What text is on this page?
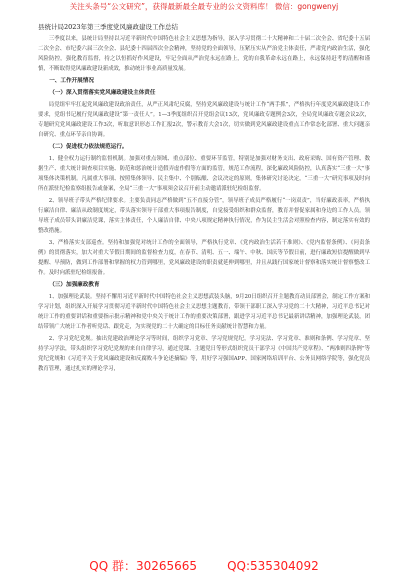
关注头条号“公文研究”，获得最新最全最专业的公文资料库！ 微信：gongwenyj
县统计局2023年第三季度党风廉政建设工作总结
三季度以来，县统计局坚持以习近平新时代中国特色社会主义思想为指导，深入学习贯彻二十大精神和二十届二次全会、省纪委十五届二次全会、市纪委六届三次全会、县纪委十四届四次全会精神，坚持党的全面领导，压紧压实从严治党主体责任，严肃党内政治生活，强化风险防控，强化教育监督，持之以恒抓好作风建设，牢记全面从严治党永远在路上，党的自我革命永远在路上，永远保持赶考的清醒和谨慎，不断取得党风廉政建设新成效，推动统计事业高质量发展。
一、工作开展情况
（一）深入贯彻落实党风廉政建设主体责任
局党组牢牢扛起党风廉政建设政治责任，从严正风肃纪反腐，坚持党风廉政建设与统计工作“两手抓”，严格执行年度党风廉政建设工作要求，党组书记履行党风廉政建设“第一责任人”。1—3季度组织召开党组会议13次，党风廉政专题例会3次，全局党风廉政专题会议2次，专题研究党风廉政建设工作3次，听取意识形态工作汇报2次，警示教育大会1次，切实做到党风廉政建设重点工作常态化部署、重大问题亲自研究、重点环节亲自协调。
（二）促进权力依法规范运行。
1、健全权力运行制约监督机制。加强对重点领域、重点部位、重要环节监管，特别是加强对财务支出、政府采购、国有资产管理、数据生产、重大统计调查项目实施、防范和惩治统计造假弄虚作假等方面的监管，规范工作流程，深化廉政风险防控，认真落实“三重一大”事项集体决策机制。凡属重大事项、按照集体领导、民主集中、个别酝酿、会议决定的原则，集体研究讨论决定，“三重一大”研究事项及时向所在派驻纪检监察组报告或备案，全局“三重一大”事项须会议召开前主动邀请派驻纪检组监督。
2、领导班子带头严格纪律要求。主要负责同志严格做到“五不直接分管”，领导班子成员严格履行“一岗双责”，当好廉政表率，严格执行廉洁自律、廉洁从政制度规定，带头落实领导干部重大事项报告制度，自觉接受组织和群众监督，教育并督促家属和身边的工作人员。领导班子成员带头讲廉洁党课，落实主体责任，个人廉洁自律、中央八项规定精神执行情况，作为民主生活会对照检查内容，制定落实有效的整改措施。
3、严格落实支部巡查。坚持和加强党对统计工作的全面领导，严格执行党章、《党内政治生活若干准则》、《党内监督条例》、《问责条例》的贯彻落实，加大对重大节假日期间的监督检查力度，在春节、清明、五一、端午、中秋、国庆等节假日前，进行廉政短信提醒做到早提醒、早预防，做到工作部署和掌握的权力管到哪里，党风廉政建设的职责就延伸到哪里，并且从践行国家统计督察和落实统计督察整改工作。及时向派驻纪检组报备。
（三）加强廉政教育
1、加强理论武装。坚持不懈用习近平新时代中国特色社会主义思想武装头脑，9月20日组织召开主题教育动员部署会，制定工作方案和学习计划，组织深入开展学习贯彻习近平新时代中国特色社会主义思想主题教育，带领干部职工深入学习党的二十大精神，习近平总书记对统计工作的重要讲话和重要指示批示精神和党中央关于统计工作的重要决策部署，跟进学习习近平总书记最新讲话精神，加强理论武装，团结带领广大统计工作者听党话、跟党走，为实现党的二十大确定的目标任务贡献统计智慧和力量。
2、学习党纪党规。抽出党建政治理论学习等时间，组织学习党章、学习党规党纪，学习宪法、学习党章、准则和条例、学习党章、坚持学习学法，带头组织学习党纪党规的来自自律学习，通过党课、主题党日等形式组织党员干部学习《中国共产党章程》、“两准则四条例”等党纪党规和《习近平关于党风廉政建设和反腐败斗争论述摘编》等，用好学习强国APP、国家网络培训平台、公务员网络学院等，强化党员教育管理，通过扎实的理论学习，
QQ 群：30265665	QQ:535304092
